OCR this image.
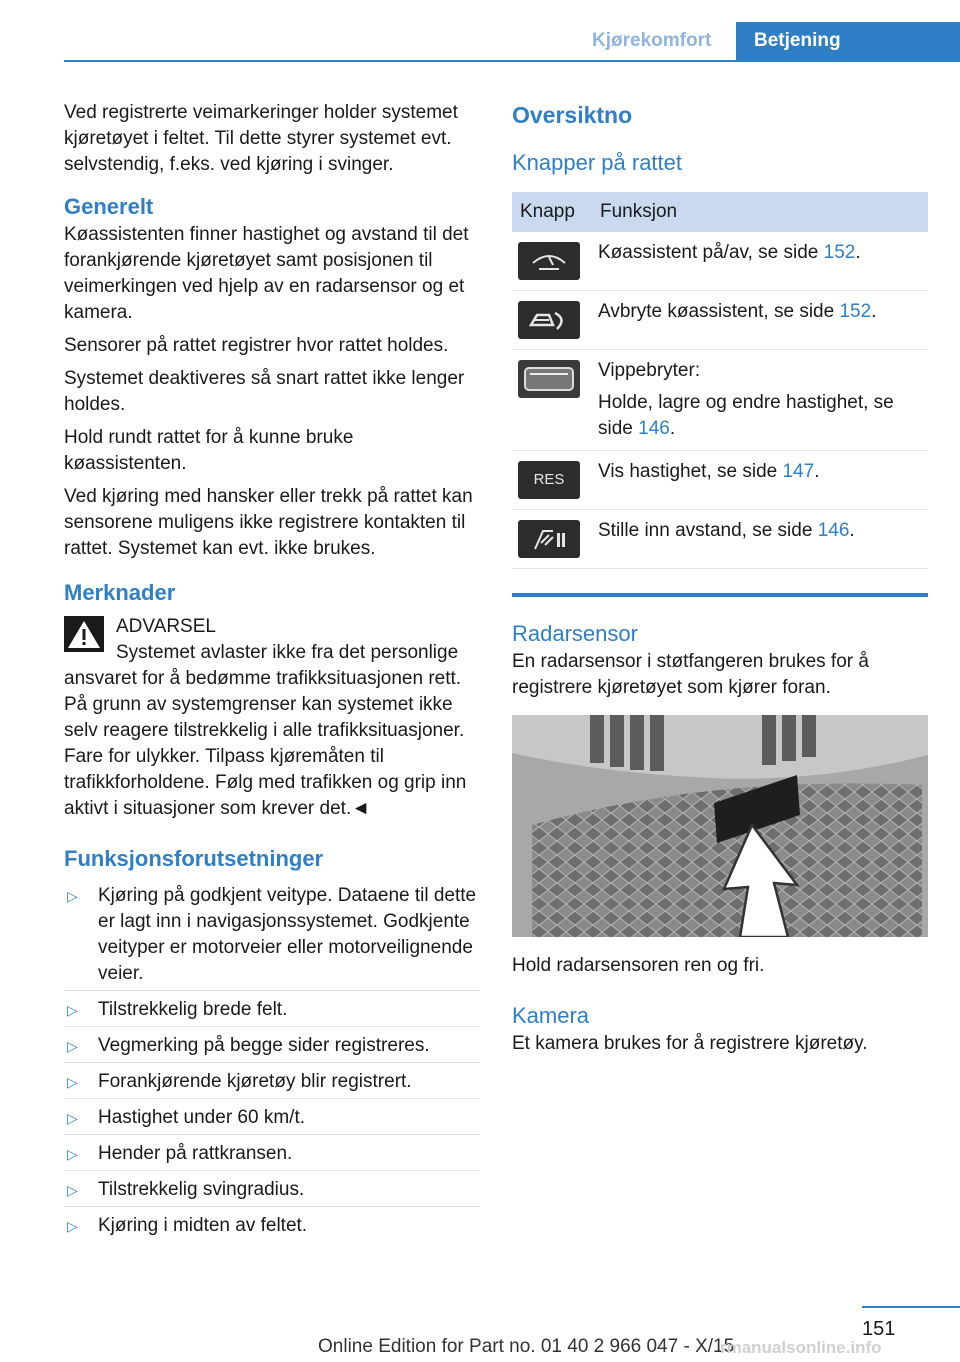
Kjørekomfort	Betjening

Ved registrerte veimarkeringer holder systemet kjøretøyet i feltet. Til dette styrer systemet evt. selvstendig, f.eks. ved kjøring i svinger.

Generelt

Køassistenten finner hastighet og avstand til det forankjørende kjøretøyet samt posisjonen til veimerkingen ved hjelp av en radarsensor og et kamera.

Sensorer på rattet registrer hvor rattet holdes.

Systemet deaktiveres så snart rattet ikke lenger holdes.

Hold rundt rattet for å kunne bruke køassistenten.

Ved kjøring med hansker eller trekk på rattet kan sensorene muligens ikke registrere kontakten til rattet. Systemet kan evt. ikke brukes.

Merknader

ADVARSEL

Systemet avlaster ikke fra det personlige

ansvaret for å bedømme trafikksituasjonen rett. På grunn av systemgrenser kan systemet ikke selv reagere tilstrekkelig i alle trafikksituasjoner. Fare for ulykker. Tilpass kjøremåten til trafikkforholdene. Følg med trafikken og grip inn aktivt i situasjoner som krever det.◄
Funksjonsforutsetninger
▷ Kjøring på godkjent veitype. Dataene til dette er lagt inn i navigasjonssystemet. Godkjente veityper er motorveier eller motorveilignende veier.
▷ Tilstrekkelig brede felt.
▷ Vegmerking på begge sider registreres.
▷ Forankjørende kjøretøy blir registrert.
▷ Hastighet under 60 km/t.
▷ Hender på rattkransen.
▷ Tilstrekkelig svingradius.
▷ Kjøring i midten av feltet.
Oversiktno
Knapper på rattet
Knapp	Funksjon

	Køassistent på/av, se side 152.

	Avbryte køassistent, se side 152.

Vippebryter:

Holde, lagre og endre hastighet, se side 146.

RES	Vis hastighet, se side 147.

	Stille inn avstand, se side 146.
Radarsensor

En radarsensor i støtfangeren brukes for å registrere kjøretøyet som kjører foran.

Hold radarsensoren ren og fri.

Kamera

Et kamera brukes for å registrere kjøretøy.

151
Online Edition for Part no. 01 40 2 966 047 - X/15
rmanualsonline.info
